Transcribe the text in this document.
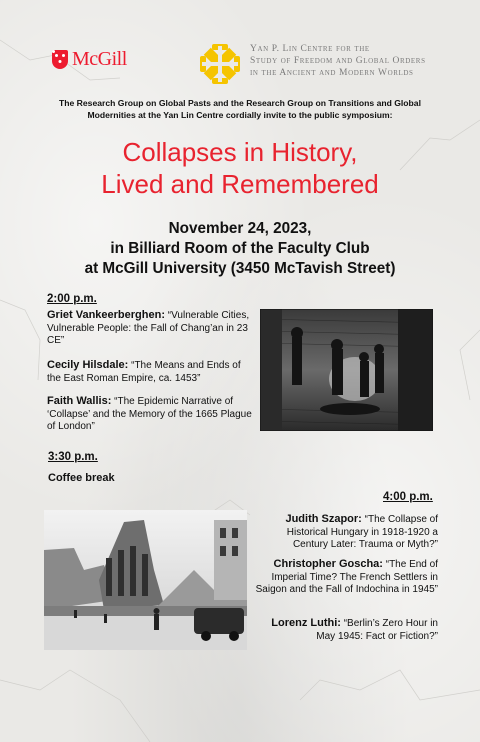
McGill	Yan P. Lin Centre for the
Study of Freedom and Global Orders
in the Ancient and Modern Worlds
The Research Group on Global Pasts and the Research Group on Transitions and Global
Modernities at the Yan Lin Centre cordially invite to the public symposium:
Collapses in History,
Lived and Remembered
November 24, 2023,
in Billiard Room of the Faculty Club
at McGill University (3450 McTavish Street)
2:00 p.m.
Griet Vankeerberghen: “Vulnerable Cities, Vulnerable People: the Fall of Chang’an in 23 CE”
Cecily Hilsdale: “The Means and Ends of the East Roman Empire, ca. 1453”
Faith Wallis: “The Epidemic Narrative of ‘Collapse’ and the Memory of the 1665 Plague of London”
3:30 p.m.
Coffee break
4:00 p.m.
Judith Szapor: “The Collapse of Historical Hungary in 1918-1920 a Century Later: Trauma or Myth?”
Christopher Goscha: “The End of Imperial Time? The French Settlers in Saigon and the Fall of Indochina in 1945”
Lorenz Luthi: “Berlin’s Zero Hour in May 1945: Fact or Fiction?”
